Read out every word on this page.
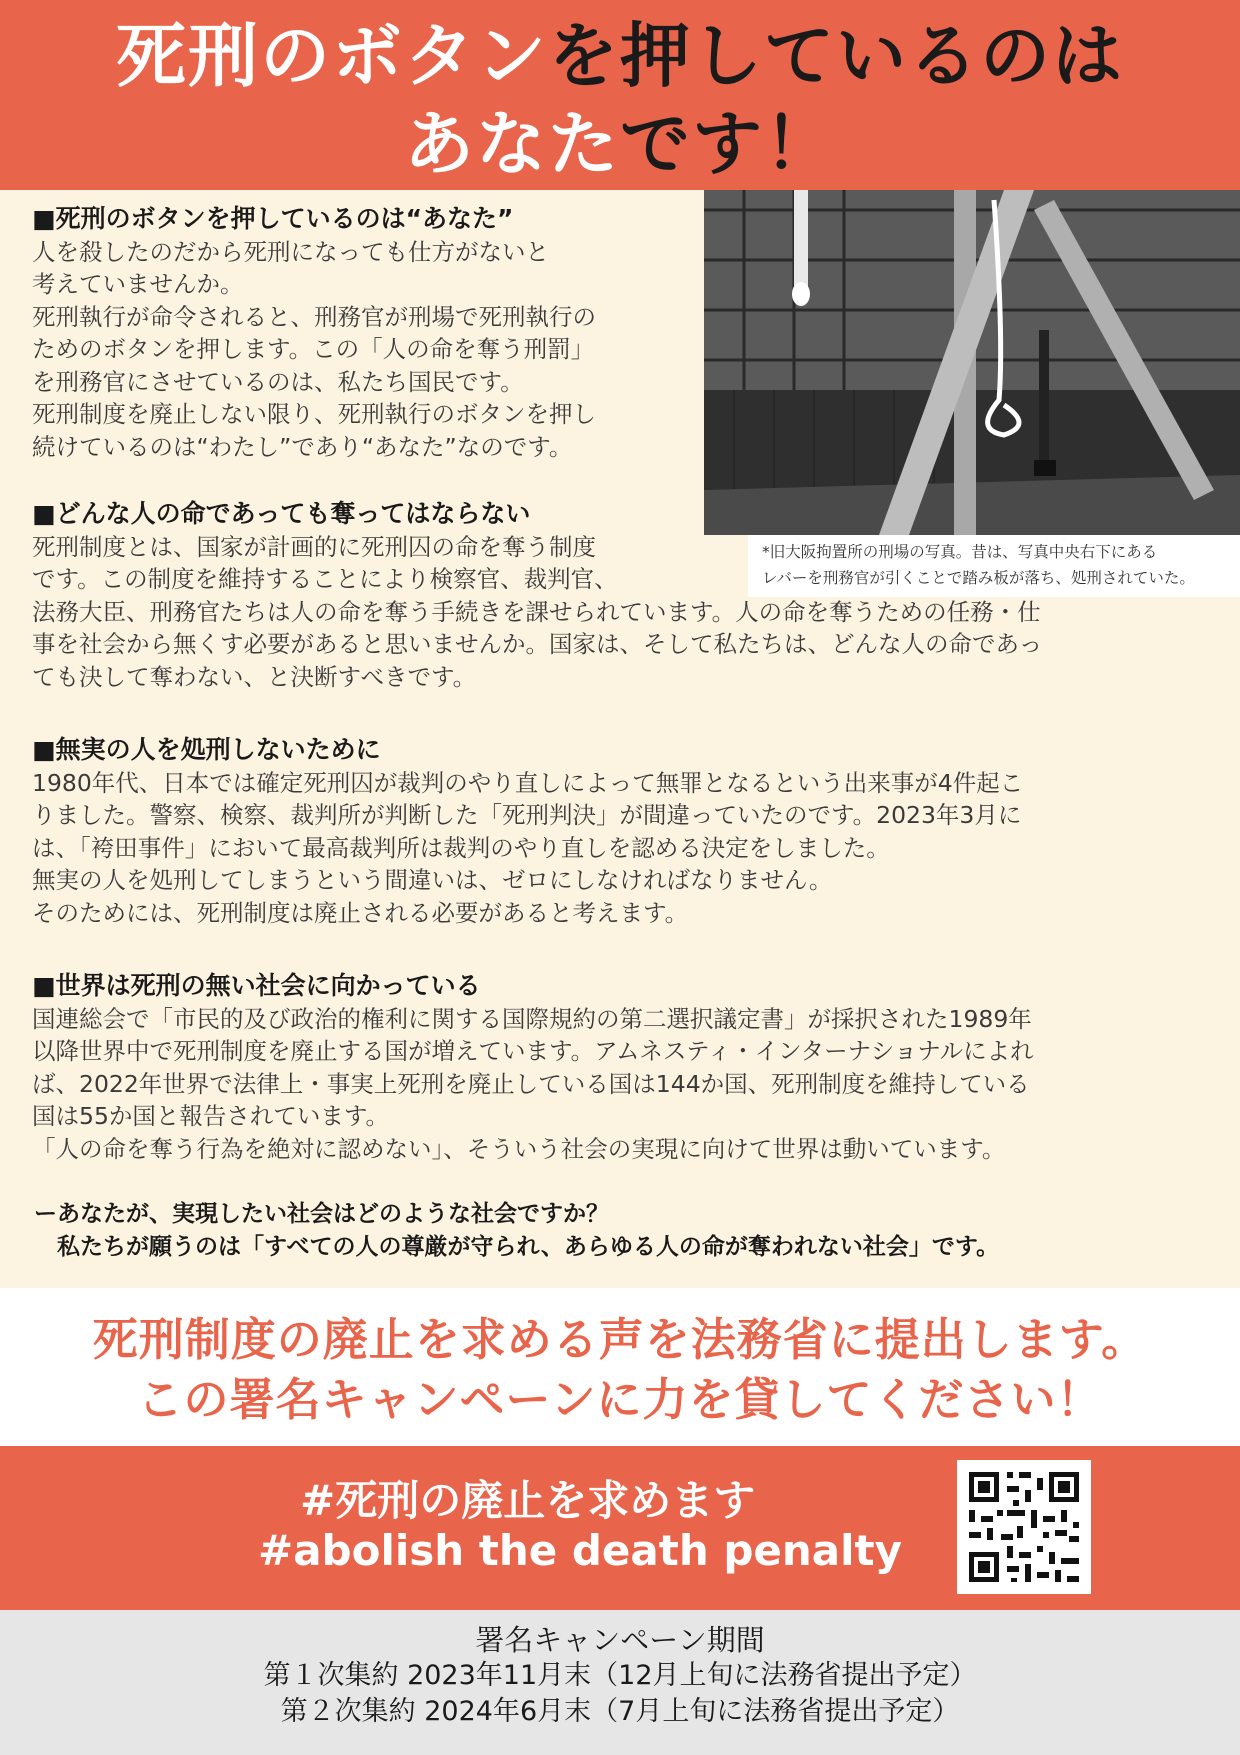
死刑のボタンを押しているのは
あなたです！
*旧大阪拘置所の刑場の写真。昔は、写真中央右下にある
レバーを刑務官が引くことで踏み板が落ち、処刑されていた。
■死刑のボタンを押しているのは“あなた”
人を殺したのだから死刑になっても仕方がないと
考えていませんか。
死刑執行が命令されると、刑務官が刑場で死刑執行の
ためのボタンを押します。この「人の命を奪う刑罰」
を刑務官にさせているのは、私たち国民です。
死刑制度を廃止しない限り、死刑執行のボタンを押し
続けているのは“わたし”であり“あなた”なのです。
■どんな人の命であっても奪ってはならない
死刑制度とは、国家が計画的に死刑囚の命を奪う制度
です。この制度を維持することにより検察官、裁判官、
法務大臣、刑務官たちは人の命を奪う手続きを課せられています。人の命を奪うための任務・仕
事を社会から無くす必要があると思いませんか。国家は、そして私たちは、どんな人の命であっ
ても決して奪わない、と決断すべきです。
■無実の人を処刑しないために
1980年代、日本では確定死刑囚が裁判のやり直しによって無罪となるという出来事が4件起こ
りました。警察、検察、裁判所が判断した「死刑判決」が間違っていたのです。2023年3月に
は、「袴田事件」において最高裁判所は裁判のやり直しを認める決定をしました。
無実の人を処刑してしまうという間違いは、ゼロにしなければなりません。
そのためには、死刑制度は廃止される必要があると考えます。
■世界は死刑の無い社会に向かっている
国連総会で「市民的及び政治的権利に関する国際規約の第二選択議定書」が採択された1989年
以降世界中で死刑制度を廃止する国が増えています。アムネスティ・インターナショナルによれ
ば、2022年世界で法律上・事実上死刑を廃止している国は144か国、死刑制度を維持している
国は55か国と報告されています。
「人の命を奪う行為を絶対に認めない」、そういう社会の実現に向けて世界は動いています。
ーあなたが、実現したい社会はどのような社会ですか？
　私たちが願うのは「すべての人の尊厳が守られ、あらゆる人の命が奪われない社会」です。
死刑制度の廃止を求める声を法務省に提出します。
この署名キャンペーンに力を貸してください！
#死刑の廃止を求めます
#abolish the death penalty
署名キャンペーン期間
第１次集約 2023年11月末（12月上旬に法務省提出予定）
第２次集約 2024年6月末（7月上旬に法務省提出予定）
